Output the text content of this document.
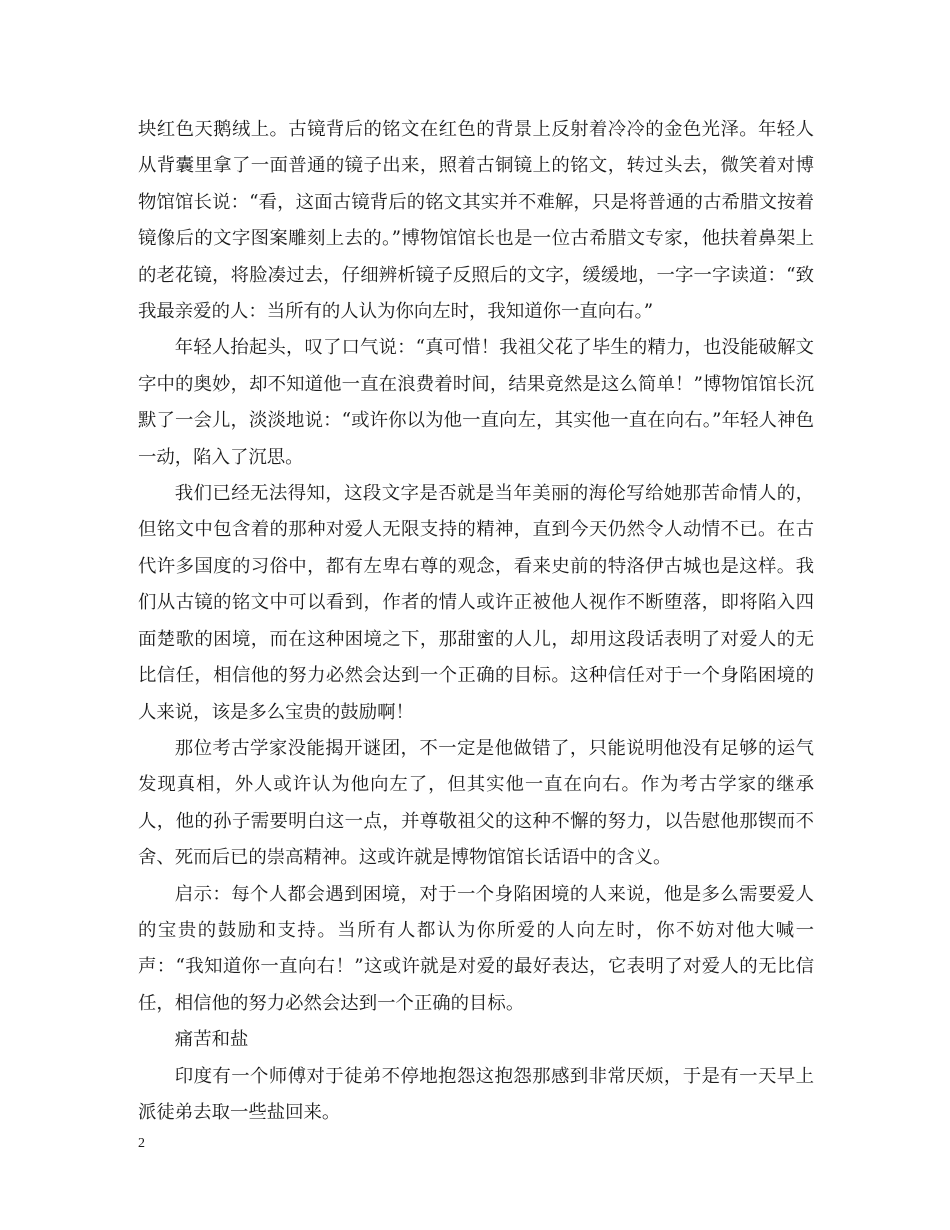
块红色天鹅绒上。古镜背后的铭文在红色的背景上反射着冷冷的金色光泽。年轻人从背囊里拿了一面普通的镜子出来，照着古铜镜上的铭文，转过头去，微笑着对博物馆馆长说：“看，这面古镜背后的铭文其实并不难解，只是将普通的古希腊文按着镜像后的文字图案雕刻上去的。”博物馆馆长也是一位古希腊文专家，他扶着鼻架上的老花镜，将脸凑过去，仔细辨析镜子反照后的文字，缓缓地，一字一字读道：“致我最亲爱的人：当所有的人认为你向左时，我知道你一直向右。”

年轻人抬起头，叹了口气说：“真可惜！我祖父花了毕生的精力，也没能破解文字中的奥妙，却不知道他一直在浪费着时间，结果竟然是这么简单！”博物馆馆长沉默了一会儿，淡淡地说：“或许你以为他一直向左，其实他一直在向右。”年轻人神色一动，陷入了沉思。

我们已经无法得知，这段文字是否就是当年美丽的海伦写给她那苦命情人的，但铭文中包含着的那种对爱人无限支持的精神，直到今天仍然令人动情不已。在古代许多国度的习俗中，都有左卑右尊的观念，看来史前的特洛伊古城也是这样。我们从古镜的铭文中可以看到，作者的情人或许正被他人视作不断堕落，即将陷入四面楚歌的困境，而在这种困境之下，那甜蜜的人儿，却用这段话表明了对爱人的无比信任，相信他的努力必然会达到一个正确的目标。这种信任对于一个身陷困境的人来说，该是多么宝贵的鼓励啊！

那位考古学家没能揭开谜团，不一定是他做错了，只能说明他没有足够的运气发现真相，外人或许认为他向左了，但其实他一直在向右。作为考古学家的继承人，他的孙子需要明白这一点，并尊敬祖父的这种不懈的努力，以告慰他那锲而不舍、死而后已的崇高精神。这或许就是博物馆馆长话语中的含义。

启示：每个人都会遇到困境，对于一个身陷困境的人来说，他是多么需要爱人的宝贵的鼓励和支持。当所有人都认为你所爱的人向左时，你不妨对他大喊一声：“我知道你一直向右！”这或许就是对爱的最好表达，它表明了对爱人的无比信任，相信他的努力必然会达到一个正确的目标。

痛苦和盐

印度有一个师傅对于徒弟不停地抱怨这抱怨那感到非常厌烦，于是有一天早上派徒弟去取一些盐回来。

2
